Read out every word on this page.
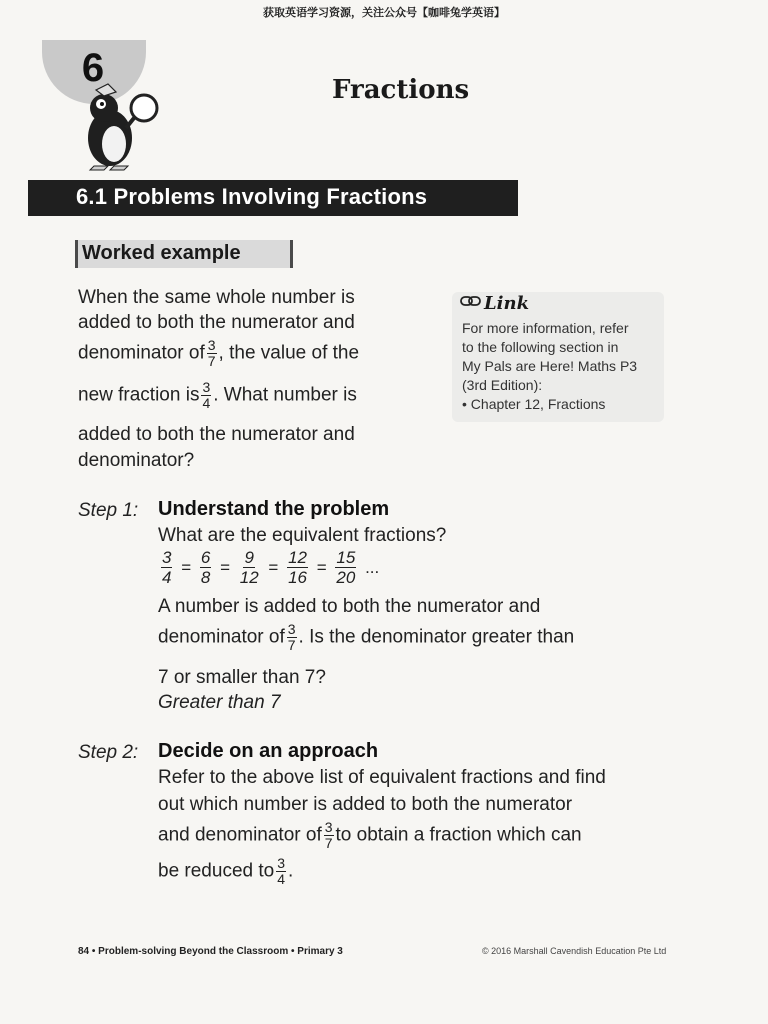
获取英语学习资源，关注公众号【咖啡兔学英语】
6	Fractions
6.1 Problems Involving Fractions
Worked example
When the same whole number is
added to both the numerator and
denominator of $\frac{3}{7}$ , the value of the
new fraction is $\frac{3}{4}$ . What number is
added to both the numerator and
denominator?
Link
For more information, refer
to the following section in
My Pals are Here! Maths P3
(3rd Edition):
• Chapter 12, Fractions
Step 1: Understand the problem
What are the equivalent fractions?
$\frac{3}{4} = \frac{6}{8} = \frac{9}{12} = \frac{12}{16} = \frac{15}{20}$ ...
A number is added to both the numerator and
denominator of $\frac{3}{7}$ . Is the denominator greater than
7 or smaller than 7?
Greater than 7
Step 2: Decide on an approach
Refer to the above list of equivalent fractions and find
out which number is added to both the numerator
and denominator of $\frac{3}{7}$ to obtain a fraction which can
be reduced to $\frac{3}{4}$ .
84 • Problem-solving Beyond the Classroom • Primary 3	© 2016 Marshall Cavendish Education Pte Ltd
